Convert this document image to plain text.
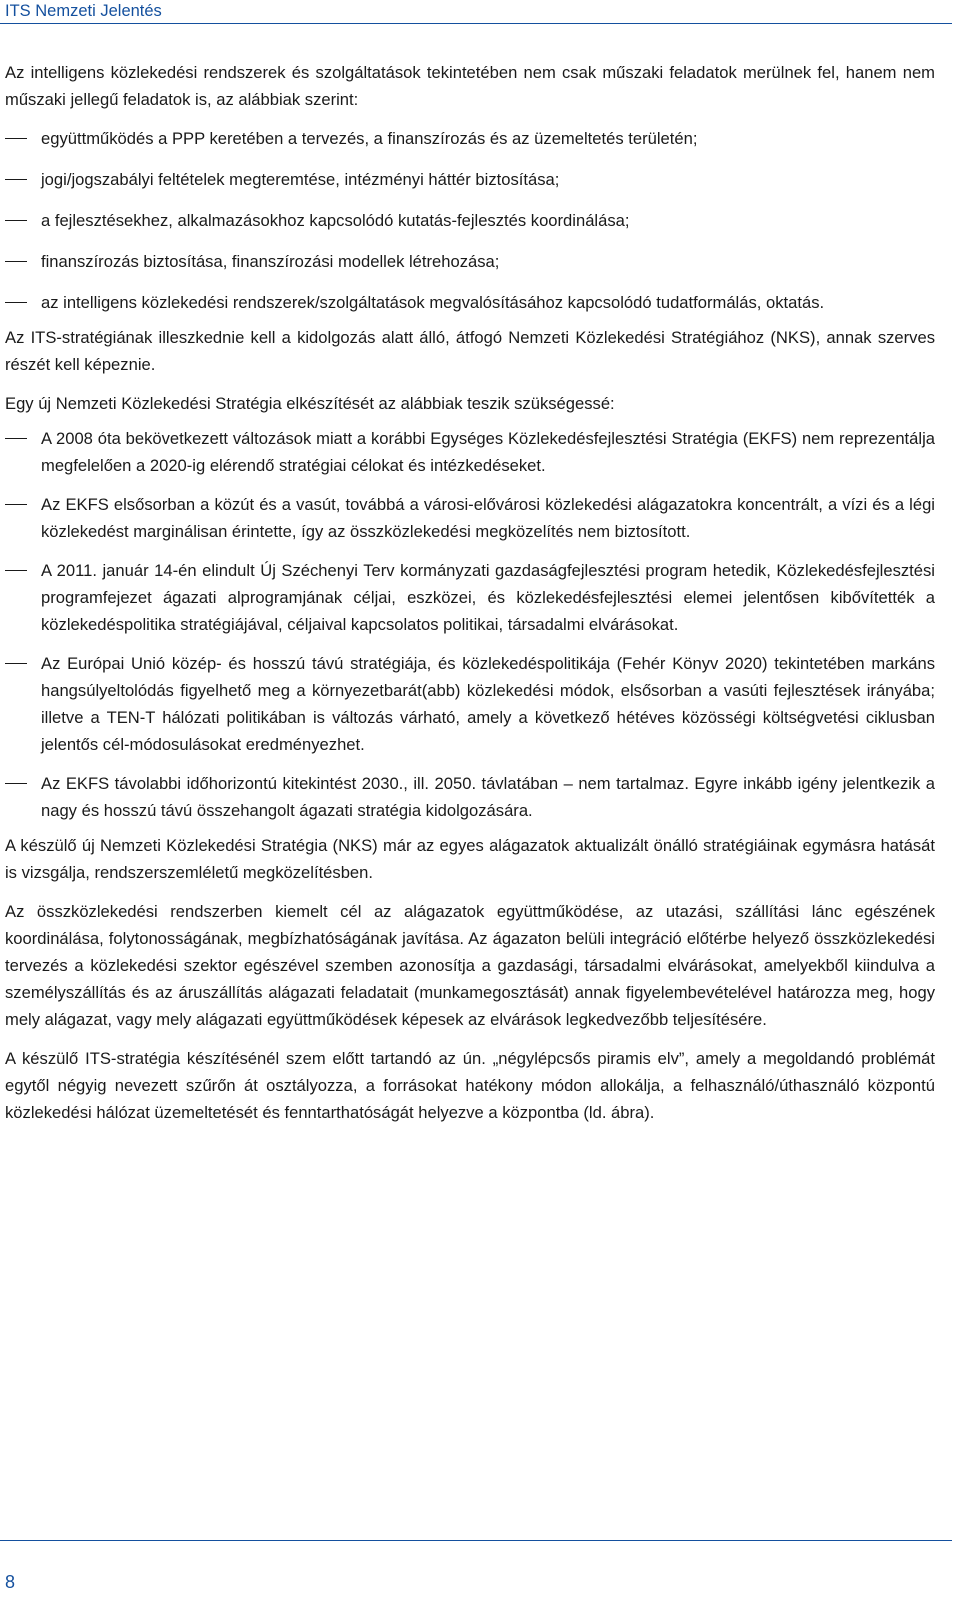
ITS Nemzeti Jelentés

Az intelligens közlekedési rendszerek és szolgáltatások tekintetében nem csak műszaki feladatok merülnek fel, hanem nem műszaki jellegű feladatok is, az alábbiak szerint:

együttműködés a PPP keretében a tervezés, a finanszírozás és az üzemeltetés területén;
jogi/jogszabályi feltételek megteremtése, intézményi háttér biztosítása;
a fejlesztésekhez, alkalmazásokhoz kapcsolódó kutatás-fejlesztés koordinálása;
finanszírozás biztosítása, finanszírozási modellek létrehozása;
az intelligens közlekedési rendszerek/szolgáltatások megvalósításához kapcsolódó tudatformálás, oktatás.

Az ITS-stratégiának illeszkednie kell a kidolgozás alatt álló, átfogó Nemzeti Közlekedési Stratégiához (NKS), annak szerves részét kell képeznie.

Egy új Nemzeti Közlekedési Stratégia elkészítését az alábbiak teszik szükségessé:

A 2008 óta bekövetkezett változások miatt a korábbi Egységes Közlekedésfejlesztési Stratégia (EKFS) nem reprezentálja megfelelően a 2020-ig elérendő stratégiai célokat és intézkedéseket.
Az EKFS elsősorban a közút és a vasút, továbbá a városi-elővárosi közlekedési alágazatokra koncentrált, a vízi és a légi közlekedést marginálisan érintette, így az összközlekedési megközelítés nem biztosított.
A 2011. január 14-én elindult Új Széchenyi Terv kormányzati gazdaságfejlesztési program hetedik, Közlekedésfejlesztési programfejezet ágazati alprogramjának céljai, eszközei, és közlekedésfejlesztési elemei jelentősen kibővítették a közlekedéspolitika stratégiájával, céljaival kapcsolatos politikai, társadalmi elvárásokat.
Az Európai Unió közép- és hosszú távú stratégiája, és közlekedéspolitikája (Fehér Könyv 2020) tekintetében markáns hangsúlyeltolódás figyelhető meg a környezetbarát(abb) közlekedési módok, elsősorban a vasúti fejlesztések irányába; illetve a TEN-T hálózati politikában is változás várható, amely a következő hétéves közösségi költségvetési ciklusban jelentős cél-módosulásokat eredményezhet.
Az EKFS távolabbi időhorizontú kitekintést 2030., ill. 2050. távlatában – nem tartalmaz. Egyre inkább igény jelentkezik a nagy és hosszú távú összehangolt ágazati stratégia kidolgozására.

A készülő új Nemzeti Közlekedési Stratégia (NKS) már az egyes alágazatok aktualizált önálló stratégiáinak egymásra hatását is vizsgálja, rendszerszemléletű megközelítésben.

Az összközlekedési rendszerben kiemelt cél az alágazatok együttműködése, az utazási, szállítási lánc egészének koordinálása, folytonosságának, megbízhatóságának javítása. Az ágazaton belüli integráció előtérbe helyező összközlekedési tervezés a közlekedési szektor egészével szemben azonosítja a gazdasági, társadalmi elvárásokat, amelyekből kiindulva a személyszállítás és az áruszállítás alágazati feladatait (munkamegosztását) annak figyelembevételével határozza meg, hogy mely alágazat, vagy mely alágazati együttműködések képesek az elvárások legkedvezőbb teljesítésére.

A készülő ITS-stratégia készítésénél szem előtt tartandó az ún. „négylépcsős piramis elv”, amely a megoldandó problémát egytől négyig nevezett szűrőn át osztályozza, a forrásokat hatékony módon allokálja, a felhasználó/úthasználó központú közlekedési hálózat üzemeltetését és fenntarthatóságát helyezve a központba (ld. ábra).

8
